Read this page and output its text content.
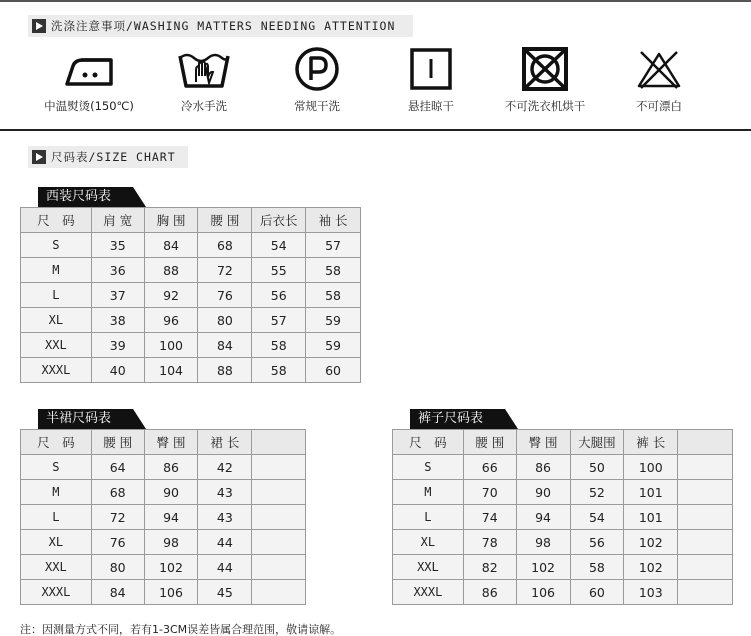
洗涤注意事项/WASHING MATTERS NEEDING ATTENTION
中温熨烫(150℃)	冷水手洗	常规干洗	悬挂晾干	不可洗衣机烘干	不可漂白
尺码表/SIZE CHART
西装尺码表
尺　码	肩 宽	胸 围	腰 围	后衣长	袖 长
S	35	84	68	54	57
M	36	88	72	55	58
L	37	92	76	56	58
XL	38	96	80	57	59
XXL	39	100	84	58	59
XXXL	40	104	88	58	60
半裙尺码表
尺　码	腰 围	臀 围	裙 长	
S	64	86	42	
M	68	90	43	
L	72	94	43	
XL	76	98	44	
XXL	80	102	44	
XXXL	84	106	45	
裤子尺码表
尺　码	腰 围	臀 围	大腿围	裤 长	
S	66	86	50	100	
M	70	90	52	101	
L	74	94	54	101	
XL	78	98	56	102	
XXL	82	102	58	102	
XXXL	86	106	60	103	
注：因测量方式不同，若有1-3CM误差皆属合理范围，敬请谅解。
